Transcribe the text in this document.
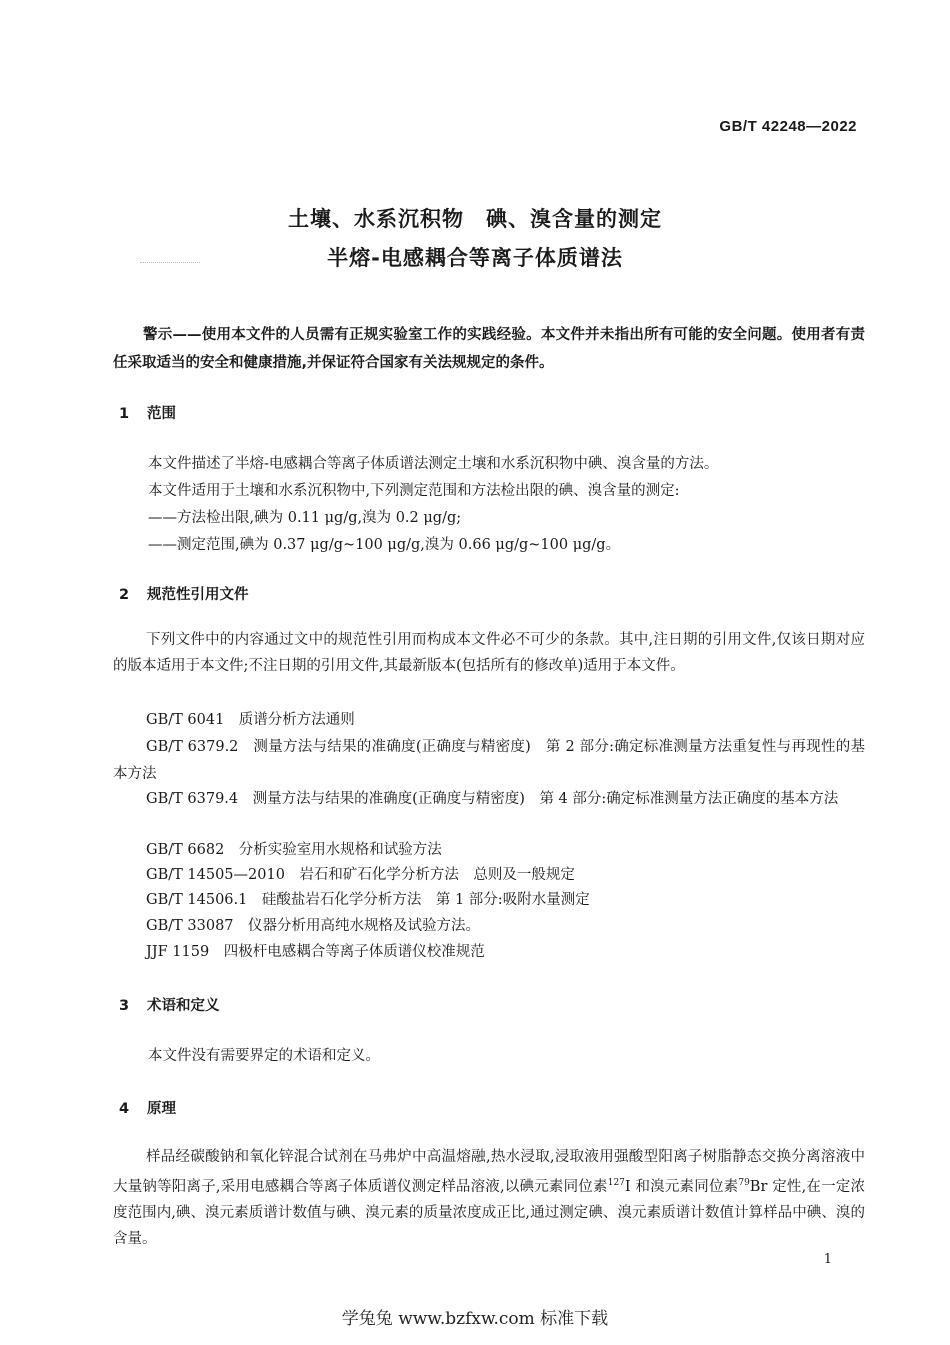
GB/T 42248—2022
土壤、水系沉积物　碘、溴含量的测定
半熔-电感耦合等离子体质谱法
警示——使用本文件的人员需有正规实验室工作的实践经验。本文件并未指出所有可能的安全问题。使用者有责任采取适当的安全和健康措施,并保证符合国家有关法规规定的条件。
1 范围
本文件描述了半熔-电感耦合等离子体质谱法测定土壤和水系沉积物中碘、溴含量的方法。
本文件适用于土壤和水系沉积物中,下列测定范围和方法检出限的碘、溴含量的测定:
——方法检出限,碘为 0.11 μg/g,溴为 0.2 μg/g;
——测定范围,碘为 0.37 μg/g~100 μg/g,溴为 0.66 μg/g~100 μg/g。
2 规范性引用文件
下列文件中的内容通过文中的规范性引用而构成本文件必不可少的条款。其中,注日期的引用文件,仅该日期对应的版本适用于本文件;不注日期的引用文件,其最新版本(包括所有的修改单)适用于本文件。
GB/T 6041　质谱分析方法通则
GB/T 6379.2　测量方法与结果的准确度(正确度与精密度)　第 2 部分:确定标准测量方法重复性与再现性的基本方法
GB/T 6379.4　测量方法与结果的准确度(正确度与精密度)　第 4 部分:确定标准测量方法正确度的基本方法
GB/T 6682　分析实验室用水规格和试验方法
GB/T 14505—2010　岩石和矿石化学分析方法　总则及一般规定
GB/T 14506.1　硅酸盐岩石化学分析方法　第 1 部分:吸附水量测定
GB/T 33087　仪器分析用高纯水规格及试验方法。
JJF 1159　四极杆电感耦合等离子体质谱仪校准规范
3 术语和定义
本文件没有需要界定的术语和定义。
4 原理
样品经碳酸钠和氧化锌混合试剂在马弗炉中高温熔融,热水浸取,浸取液用强酸型阳离子树脂静态交换分离溶液中大量钠等阳离子,采用电感耦合等离子体质谱仪测定样品溶液,以碘元素同位素$^{127}$I 和溴元素同位素$^{79}$Br 定性,在一定浓度范围内,碘、溴元素质谱计数值与碘、溴元素的质量浓度成正比,通过测定碘、溴元素质谱计数值计算样品中碘、溴的含量。
1
学兔兔 www.bzfxw.com 标准下载
